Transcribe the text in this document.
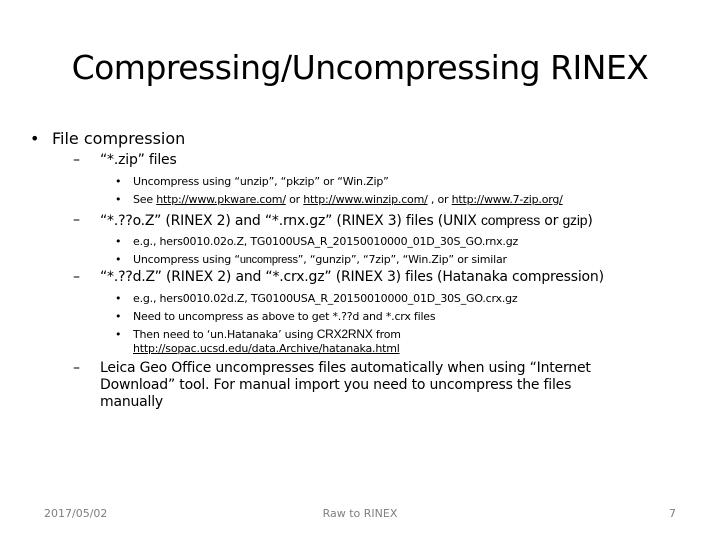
Compressing/Uncompressing RINEX
• File compression
– “*.zip” files
• Uncompress using “unzip”, “pkzip” or “Win.Zip”
• See http://www.pkware.com/ or http://www.winzip.com/ , or http://www.7-zip.org/
– “*.??o.Z” (RINEX 2) and “*.rnx.gz” (RINEX 3) files (UNIX compress or gzip)
• e.g., hers0010.02o.Z, TG0100USA_R_20150010000_01D_30S_GO.rnx.gz
• Uncompress using “uncompress”, “gunzip”, “7zip”, “Win.Zip” or similar
– “*.??d.Z” (RINEX 2) and “*.crx.gz” (RINEX 3) files (Hatanaka compression)
• e.g., hers0010.02d.Z, TG0100USA_R_20150010000_01D_30S_GO.crx.gz
• Need to uncompress as above to get *.??d and *.crx files
• Then need to ‘un.Hatanaka’ using CRX2RNX from
http://sopac.ucsd.edu/data.Archive/hatanaka.html
– Leica Geo Office uncompresses files automatically when using “Internet
Download” tool. For manual import you need to uncompress the files
manually
2017/05/02	Raw to RINEX	7
